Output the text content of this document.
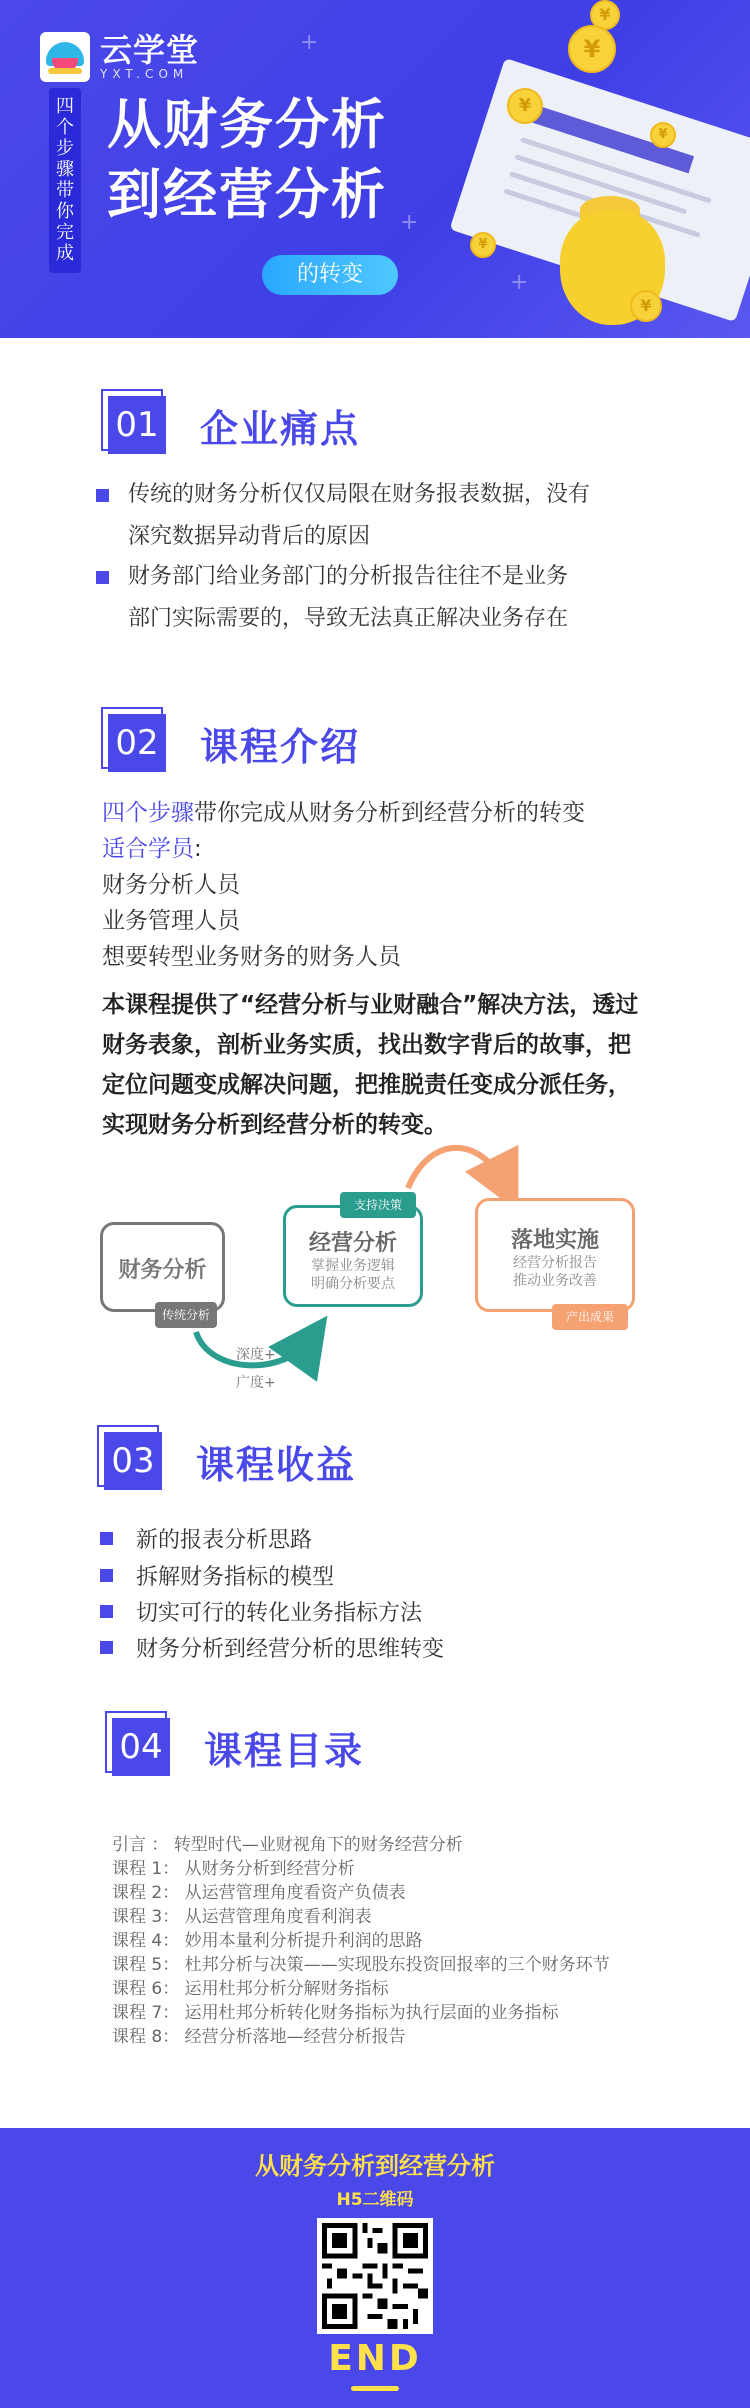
+
+
+
云学堂
YXT.COM
四
个
步
骤
带
你
完
成
从财务分析
到经营分析
的转变
¥
¥
¥
¥
¥
¥
01 企业痛点
传统的财务分析仅仅局限在财务报表数据，没有
深究数据异动背后的原因
财务部门给业务部门的分析报告往往不是业务
部门实际需要的，导致无法真正解决业务存在
02 课程介绍
四个步骤带你完成从财务分析到经营分析的转变
适合学员:
财务分析人员
业务管理人员
想要转型业务财务的财务人员
本课程提供了“经营分析与业财融合”解决方法，透过财务表象，剖析业务实质，找出数字背后的故事，把定位问题变成解决问题，把推脱责任变成分派任务，实现财务分析到经营分析的转变。
财务分析
传统分析
经营分析
掌握业务逻辑
明确分析要点
支持决策
落地实施
经营分析报告
推动业务改善
产出成果
深度+
广度+
03 课程收益
新的报表分析思路
拆解财务指标的模型
切实可行的转化业务指标方法
财务分析到经营分析的思维转变
04 课程目录
引言 ：
转型时代—业财视角下的财务经营分析
课程 1：
从财务分析到经营分析
课程 2：
从运营管理角度看资产负债表
课程 3：
从运营管理角度看利润表
课程 4：
妙用本量利分析提升利润的思路
课程 5：
杜邦分析与决策——实现股东投资回报率的三个财务环节
课程 6：
运用杜邦分析分解财务指标
课程 7：
运用杜邦分析转化财务指标为执行层面的业务指标
课程 8：
经营分析落地—经营分析报告
从财务分析到经营分析
H5二维码
END
